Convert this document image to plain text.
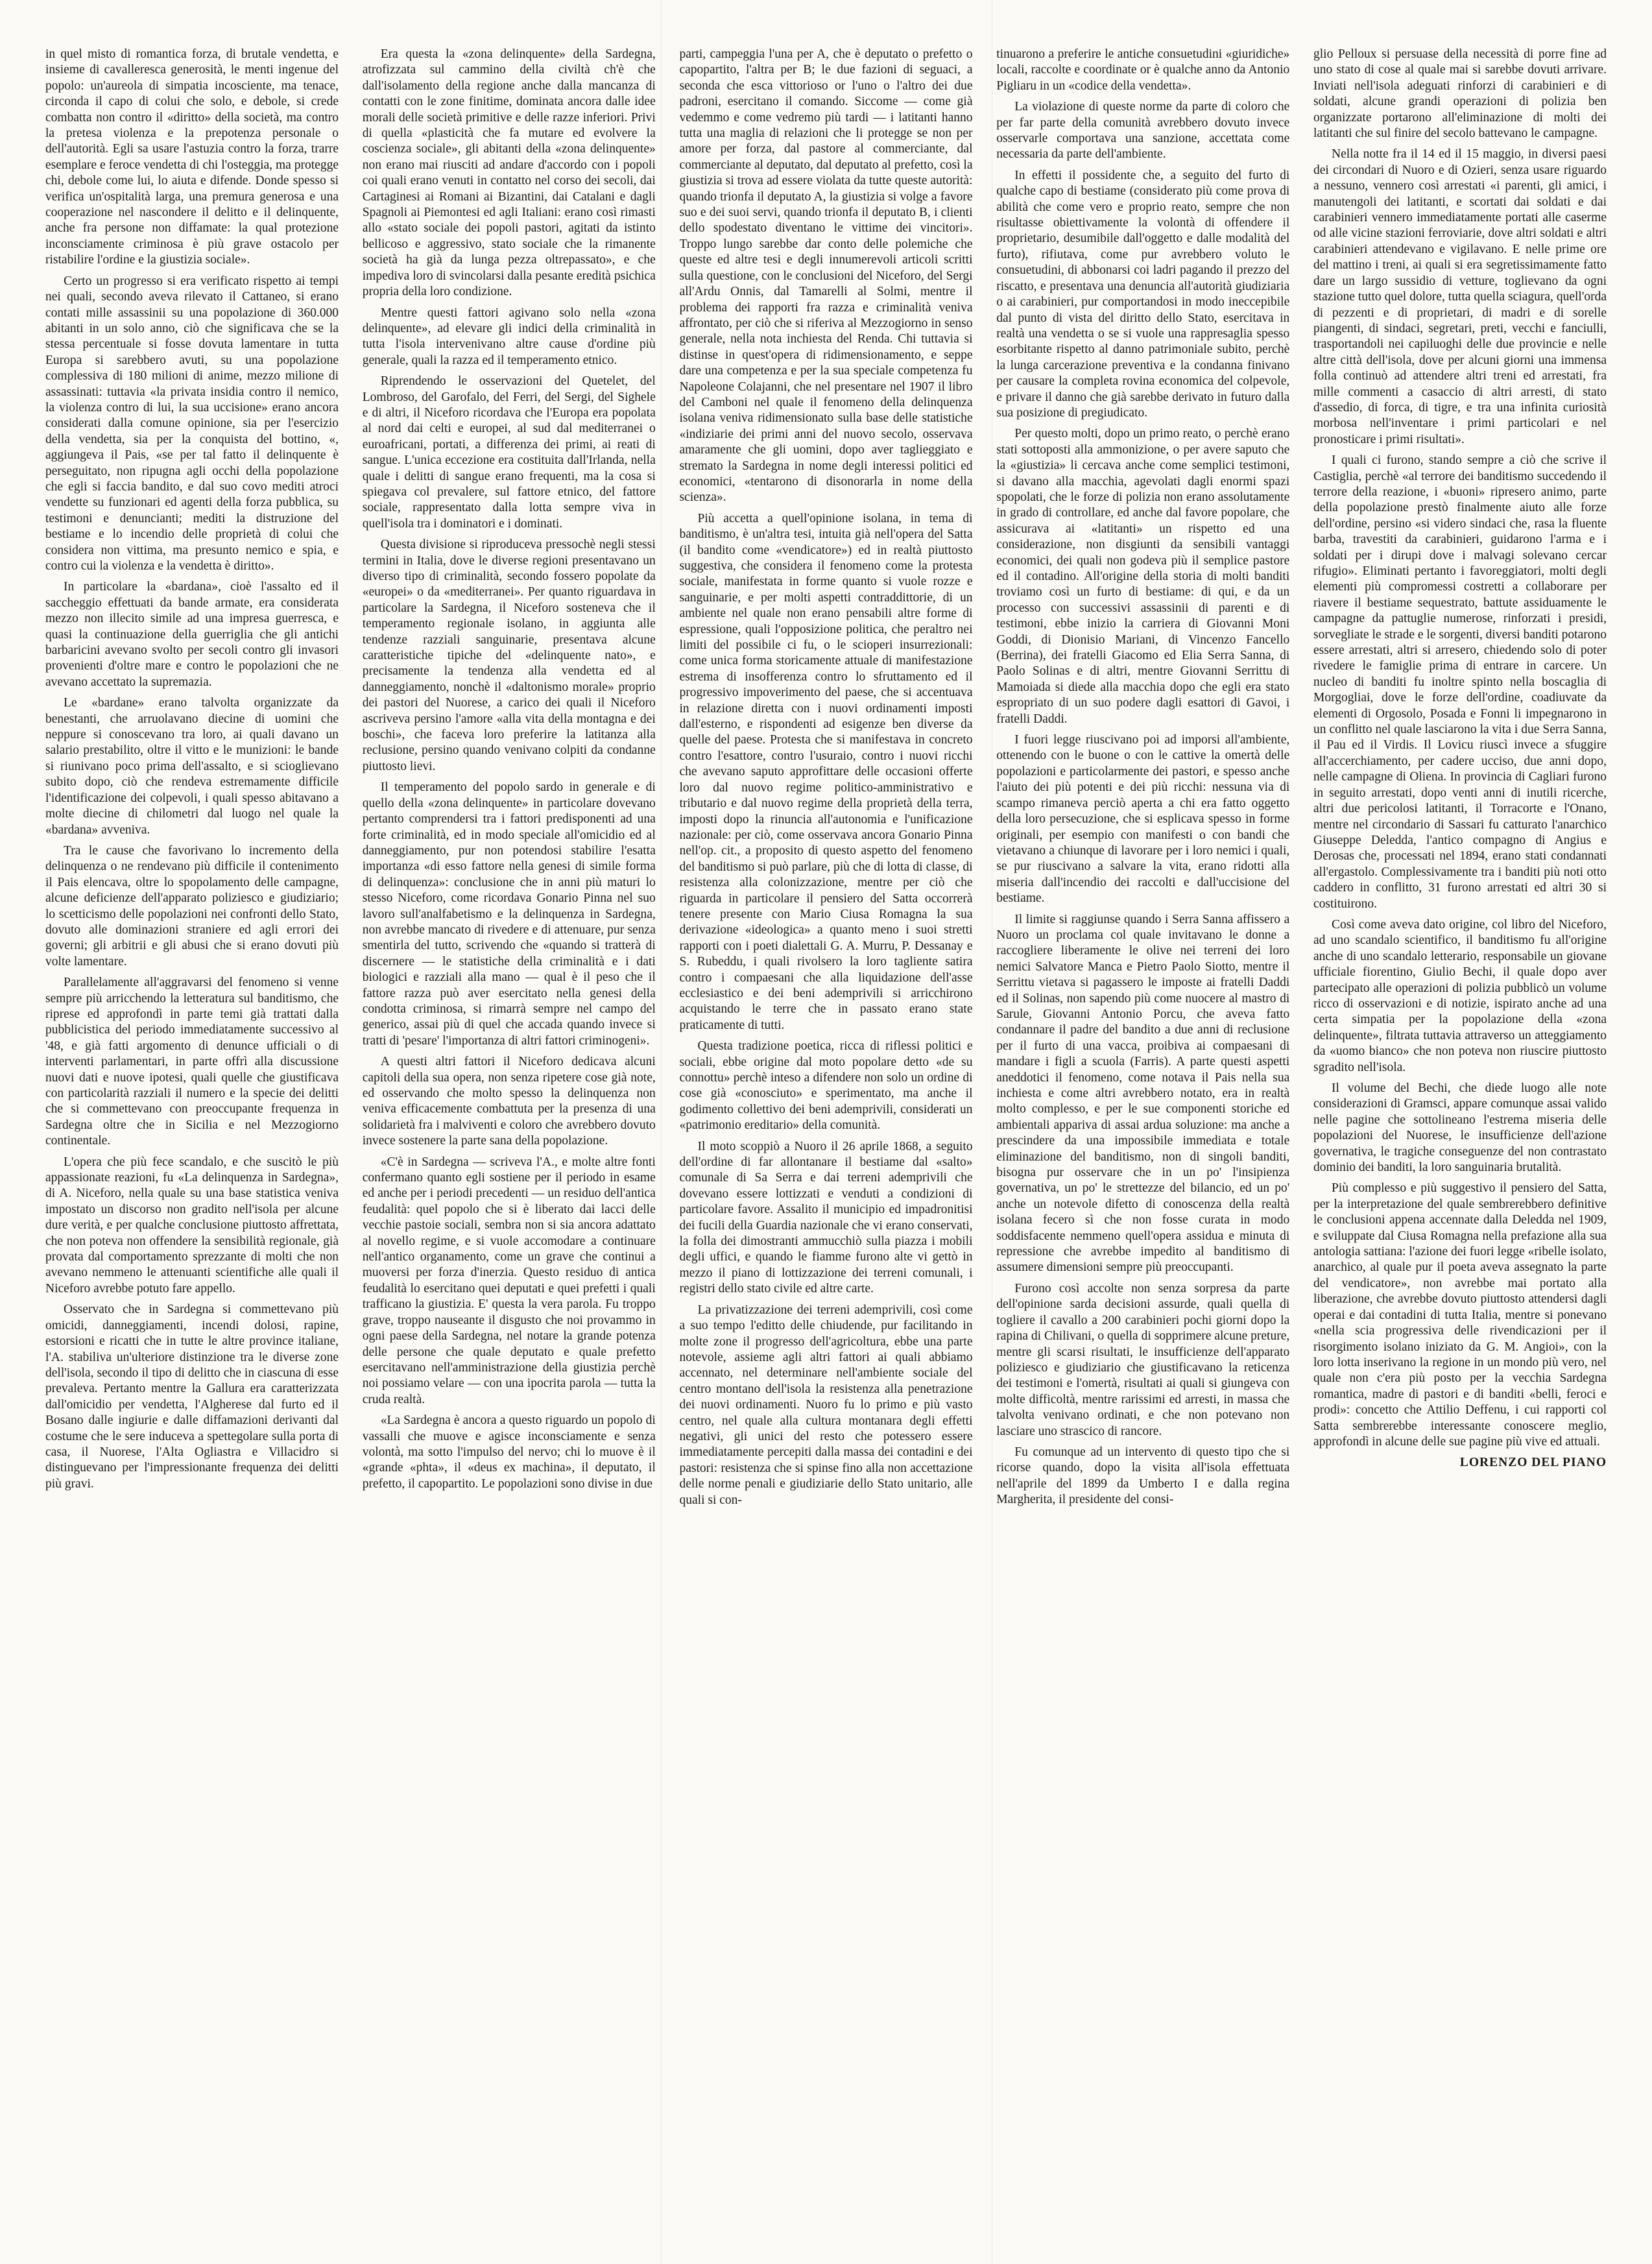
in quel misto di romantica forza, di brutale vendetta, e insieme di cavalleresca generosità, le menti ingenue del popolo: un'aureola di simpatia incosciente, ma tenace, circonda il capo di colui che solo, e debole, si crede combatta non contro il «diritto» della società, ma contro la pretesa violenza e la prepotenza personale o dell'autorità. Egli sa usare l'astuzia contro la forza, trarre esemplare e feroce vendetta di chi l'osteggia, ma protegge chi, debole come lui, lo aiuta e difende. Donde spesso si verifica un'ospitalità larga, una premura generosa e una cooperazione nel nascondere il delitto e il delinquente, anche fra persone non diffamate: la qual protezione inconsciamente criminosa è più grave ostacolo per ristabilire l'ordine e la giustizia sociale».

Certo un progresso si era verificato rispetto ai tempi nei quali, secondo aveva rilevato il Cattaneo, si erano contati mille assassinii su una popolazione di 360.000 abitanti in un solo anno, ciò che significava che se la stessa percentuale si fosse dovuta lamentare in tutta Europa si sarebbero avuti, su una popolazione complessiva di 180 milioni di anime, mezzo milione di assassinati: tuttavia «la privata insidia contro il nemico, la violenza contro di lui, la sua uccisione» erano ancora considerati dalla comune opinione, sia per l'esercizio della vendetta, sia per la conquista del bottino, «, aggiungeva il Pais, «se per tal fatto il delinquente è perseguitato, non ripugna agli occhi della popolazione che egli si faccia bandito, e dal suo covo mediti atroci vendette su funzionari ed agenti della forza pubblica, su testimoni e denuncianti; mediti la distruzione del bestiame e lo incendio delle proprietà di colui che considera non vittima, ma presunto nemico e spia, e contro cui la violenza e la vendetta è diritto».

In particolare la «bardana», cioè l'assalto ed il saccheggio effettuati da bande armate, era considerata mezzo non illecito simile ad una impresa guerresca, e quasi la continuazione della guerriglia che gli antichi barbaricini avevano svolto per secoli contro gli invasori provenienti d'oltre mare e contro le popolazioni che ne avevano accettato la supremazia.

Le «bardane» erano talvolta organizzate da benestanti, che arruolavano diecine di uomini che neppure si conoscevano tra loro, ai quali davano un salario prestabilito, oltre il vitto e le munizioni: le bande si riunivano poco prima dell'assalto, e si scioglievano subito dopo, ciò che rendeva estremamente difficile l'identificazione dei colpevoli, i quali spesso abitavano a molte diecine di chilometri dal luogo nel quale la «bardana» avveniva.

Tra le cause che favorivano lo incremento della delinquenza o ne rendevano più difficile il contenimento il Pais elencava, oltre lo spopolamento delle campagne, alcune deficienze dell'apparato poliziesco e giudiziario; lo scetticismo delle popolazioni nei confronti dello Stato, dovuto alle dominazioni straniere ed agli errori dei governi; gli arbitrii e gli abusi che si erano dovuti più volte lamentare.

Parallelamente all'aggravarsi del fenomeno si venne sempre più arricchendo la letteratura sul banditismo, che riprese ed approfondì in parte temi già trattati dalla pubblicistica del periodo immediatamente successivo al '48, e già fatti argomento di denunce ufficiali o di interventi parlamentari, in parte offrì alla discussione nuovi dati e nuove ipotesi, quali quelle che giustificava con particolarità razziali il numero e la specie dei delitti che si commettevano con preoccupante frequenza in Sardegna oltre che in Sicilia e nel Mezzogiorno continentale.

L'opera che più fece scandalo, e che suscitò le più appassionate reazioni, fu «La delinquenza in Sardegna», di A. Niceforo, nella quale su una base statistica veniva impostato un discorso non gradito nell'isola per alcune dure verità, e per qualche conclusione piuttosto affrettata, che non poteva non offendere la sensibilità regionale, già provata dal comportamento sprezzante di molti che non avevano nemmeno le attenuanti scientifiche alle quali il Niceforo avrebbe potuto fare appello.

Osservato che in Sardegna si commettevano più omicidi, danneggiamenti, incendi dolosi, rapine, estorsioni e ricatti che in tutte le altre province italiane, l'A. stabiliva un'ulteriore distinzione tra le diverse zone dell'isola, secondo il tipo di delitto che in ciascuna di esse prevaleva. Pertanto mentre la Gallura era caratterizzata dall'omicidio per vendetta, l'Algherese dal furto ed il Bosano dalle ingiurie e dalle diffamazioni derivanti dal costume che le sere induceva a spettegolare sulla porta di casa, il Nuorese, l'Alta Ogliastra e Villacidro si distinguevano per l'impressionante frequenza dei delitti più gravi.

Era questa la «zona delinquente» della Sardegna, atrofizzata sul cammino della civiltà ch'è che dall'isolamento della regione anche dalla mancanza di contatti con le zone finitime, dominata ancora dalle idee morali delle società primitive e delle razze inferiori. Privi di quella «plasticità che fa mutare ed evolvere la coscienza sociale», gli abitanti della «zona delinquente» non erano mai riusciti ad andare d'accordo con i popoli coi quali erano venuti in contatto nel corso dei secoli, dai Cartaginesi ai Romani ai Bizantini, dai Catalani e dagli Spagnoli ai Piemontesi ed agli Italiani: erano così rimasti allo «stato sociale dei popoli pastori, agitati da istinto bellicoso e aggressivo, stato sociale che la rimanente società ha già da lunga pezza oltrepassato», e che impediva loro di svincolarsi dalla pesante eredità psichica propria della loro condizione.

Mentre questi fattori agivano solo nella «zona delinquente», ad elevare gli indici della criminalità in tutta l'isola intervenivano altre cause d'ordine più generale, quali la razza ed il temperamento etnico.

Riprendendo le osservazioni del Quetelet, del Lombroso, del Garofalo, del Ferri, del Sergi, del Sighele e di altri, il Niceforo ricordava che l'Europa era popolata al nord dai celti e europei, al sud dal mediterranei o euroafricani, portati, a differenza dei primi, ai reati di sangue. L'unica eccezione era costituita dall'Irlanda, nella quale i delitti di sangue erano frequenti, ma la cosa si spiegava col prevalere, sul fattore etnico, del fattore sociale, rappresentato dalla lotta sempre viva in quell'isola tra i dominatori e i dominati.

Questa divisione si riproduceva pressochè negli stessi termini in Italia, dove le diverse regioni presentavano un diverso tipo di criminalità, secondo fossero popolate da «europei» o da «mediterranei». Per quanto riguardava in particolare la Sardegna, il Niceforo sosteneva che il temperamento regionale isolano, in aggiunta alle tendenze razziali sanguinarie, presentava alcune caratteristiche tipiche del «delinquente nato», e precisamente la tendenza alla vendetta ed al danneggiamento, nonchè il «daltonismo morale» proprio dei pastori del Nuorese, a carico dei quali il Niceforo ascriveva persino l'amore «alla vita della montagna e dei boschi», che faceva loro preferire la latitanza alla reclusione, persino quando venivano colpiti da condanne piuttosto lievi.

Il temperamento del popolo sardo in generale e di quello della «zona delinquente» in particolare dovevano pertanto comprendersi tra i fattori predisponenti ad una forte criminalità, ed in modo speciale all'omicidio ed al danneggiamento, pur non potendosi stabilire l'esatta importanza «di esso fattore nella genesi di simile forma di delinquenza»: conclusione che in anni più maturi lo stesso Niceforo, come ricordava Gonario Pinna nel suo lavoro sull'analfabetismo e la delinquenza in Sardegna, non avrebbe mancato di rivedere e di attenuare, pur senza smentirla del tutto, scrivendo che «quando si tratterà di discernere — le statistiche della criminalità e i dati biologici e razziali alla mano — qual è il peso che il fattore razza può aver esercitato nella genesi della condotta criminosa, si rimarrà sempre nel campo del generico, assai più di quel che accada quando invece si tratti di 'pesare' l'importanza di altri fattori criminogeni».

A questi altri fattori il Niceforo dedicava alcuni capitoli della sua opera, non senza ripetere cose già note, ed osservando che molto spesso la delinquenza non veniva efficacemente combattuta per la presenza di una solidarietà fra i malviventi e coloro che avrebbero dovuto invece sostenere la parte sana della popolazione.

«C'è in Sardegna — scriveva l'A., e molte altre fonti confermano quanto egli sostiene per il periodo in esame ed anche per i periodi precedenti — un residuo dell'antica feudalità: quel popolo che si è liberato dai lacci delle vecchie pastoie sociali, sembra non si sia ancora adattato al novello regime, e si vuole accomodare a continuare nell'antico organamento, come un grave che continui a muoversi per forza d'inerzia. Questo residuo di antica feudalità lo esercitano quei deputati e quei prefetti i quali trafficano la giustizia. E' questa la vera parola. Fu troppo grave, troppo nauseante il disgusto che noi provammo in ogni paese della Sardegna, nel notare la grande potenza delle persone che quale deputato e quale prefetto esercitavano nell'amministrazione della giustizia perchè noi possiamo velare — con una ipocrita parola — tutta la cruda realtà.

«La Sardegna è ancora a questo riguardo un popolo di vassalli che muove e agisce inconsciamente e senza volontà, ma sotto l'impulso del nervo; chi lo muove è il «grande «phta», il «deus ex machina», il deputato, il prefetto, il capopartito. Le popolazioni sono divise in due

parti, campeggia l'una per A, che è deputato o prefetto o capopartito, l'altra per B; le due fazioni di seguaci, a seconda che esca vittorioso or l'uno o l'altro dei due padroni, esercitano il comando. Siccome — come già vedemmo e come vedremo più tardi — i latitanti hanno tutta una maglia di relazioni che li protegge se non per amore per forza, dal pastore al commerciante, dal commerciante al deputato, dal deputato al prefetto, così la giustizia si trova ad essere violata da tutte queste autorità: quando trionfa il deputato A, la giustizia si volge a favore suo e dei suoi servi, quando trionfa il deputato B, i clienti dello spodestato diventano le vittime dei vincitori». Troppo lungo sarebbe dar conto delle polemiche che queste ed altre tesi e degli innumerevoli articoli scritti sulla questione, con le conclusioni del Niceforo, del Sergi all'Ardu Onnis, dal Tamarelli al Solmi, mentre il problema dei rapporti fra razza e criminalità veniva affrontato, per ciò che si riferiva al Mezzogiorno in senso generale, nella nota inchiesta del Renda. Chi tuttavia si distinse in quest'opera di ridimensionamento, e seppe dare una competenza e per la sua speciale competenza fu Napoleone Colajanni, che nel presentare nel 1907 il libro del Camboni nel quale il fenomeno della delinquenza isolana veniva ridimensionato sulla base delle statistiche «indiziarie dei primi anni del nuovo secolo, osservava amaramente che gli uomini, dopo aver taglieggiato e stremato la Sardegna in nome degli interessi politici ed economici, «tentarono di disonorarla in nome della scienza».

Più accetta a quell'opinione isolana, in tema di banditismo, è un'altra tesi, intuita già nell'opera del Satta (il bandito come «vendicatore») ed in realtà piuttosto suggestiva, che considera il fenomeno come la protesta sociale, manifestata in forme quanto si vuole rozze e sanguinarie, e per molti aspetti contraddittorie, di un ambiente nel quale non erano pensabili altre forme di espressione, quali l'opposizione politica, che peraltro nei limiti del possibile ci fu, o le scioperi insurrezionali: come unica forma storicamente attuale di manifestazione estrema di insofferenza contro lo sfruttamento ed il progressivo impoverimento del paese, che si accentuava in relazione diretta con i nuovi ordinamenti imposti dall'esterno, e rispondenti ad esigenze ben diverse da quelle del paese. Protesta che si manifestava in concreto contro l'esattore, contro l'usuraio, contro i nuovi ricchi che avevano saputo approfittare delle occasioni offerte loro dal nuovo regime politico-amministrativo e tributario e dal nuovo regime della proprietà della terra, imposti dopo la rinuncia all'autonomia e l'unificazione nazionale: per ciò, come osservava ancora Gonario Pinna nell'op. cit., a proposito di questo aspetto del fenomeno del banditismo si può parlare, più che di lotta di classe, di resistenza alla colonizzazione, mentre per ciò che riguarda in particolare il pensiero del Satta occorrerà tenere presente con Mario Ciusa Romagna la sua derivazione «ideologica» a quanto meno i suoi stretti rapporti con i poeti dialettali G. A. Murru, P. Dessanay e S. Rubeddu, i quali rivolsero la loro tagliente satira contro i compaesani che alla liquidazione dell'asse ecclesiastico e dei beni ademprivili si arricchirono acquistando le terre che in passato erano state praticamente di tutti.

Questa tradizione poetica, ricca di riflessi politici e sociali, ebbe origine dal moto popolare detto «de su connottu» perchè inteso a difendere non solo un ordine di cose già «conosciuto» e sperimentato, ma anche il godimento collettivo dei beni ademprivili, considerati un «patrimonio ereditario» della comunità.

Il moto scoppiò a Nuoro il 26 aprile 1868, a seguito dell'ordine di far allontanare il bestiame dal «salto» comunale di Sa Serra e dai terreni ademprivili che dovevano essere lottizzati e venduti a condizioni di particolare favore. Assalito il municipio ed impadronitisi dei fucili della Guardia nazionale che vi erano conservati, la folla dei dimostranti ammucchiò sulla piazza i mobili degli uffici, e quando le fiamme furono alte vi gettò in mezzo il piano di lottizzazione dei terreni comunali, i registri dello stato civile ed altre carte.

La privatizzazione dei terreni ademprivili, così come a suo tempo l'editto delle chiudende, pur facilitando in molte zone il progresso dell'agricoltura, ebbe una parte notevole, assieme agli altri fattori ai quali abbiamo accennato, nel determinare nell'ambiente sociale del centro montano dell'isola la resistenza alla penetrazione dei nuovi ordinamenti. Nuoro fu lo primo e più vasto centro, nel quale alla cultura montanara degli effetti negativi, gli unici del resto che potessero essere immediatamente percepiti dalla massa dei contadini e dei pastori: resistenza che si spinse fino alla non accettazione delle norme penali e giudiziarie dello Stato unitario, alle quali si con-

tinuarono a preferire le antiche consuetudini «giuridiche» locali, raccolte e coordinate or è qualche anno da Antonio Pigliaru in un «codice della vendetta».

La violazione di queste norme da parte di coloro che per far parte della comunità avrebbero dovuto invece osservarle comportava una sanzione, accettata come necessaria da parte dell'ambiente.

In effetti il possidente che, a seguito del furto di qualche capo di bestiame (considerato più come prova di abilità che come vero e proprio reato, sempre che non risultasse obiettivamente la volontà di offendere il proprietario, desumibile dall'oggetto e dalle modalità del furto), rifiutava, come pur avrebbero voluto le consuetudini, di abbonarsi coi ladri pagando il prezzo del riscatto, e presentava una denuncia all'autorità giudiziaria o ai carabinieri, pur comportandosi in modo ineccepibile dal punto di vista del diritto dello Stato, esercitava in realtà una vendetta o se si vuole una rappresaglia spesso esorbitante rispetto al danno patrimoniale subito, perchè la lunga carcerazione preventiva e la condanna finivano per causare la completa rovina economica del colpevole, e privare il danno che già sarebbe derivato in futuro dalla sua posizione di pregiudicato.

Per questo molti, dopo un primo reato, o perchè erano stati sottoposti alla ammonizione, o per avere saputo che la «giustizia» li cercava anche come semplici testimoni, si davano alla macchia, agevolati dagli enormi spazi spopolati, che le forze di polizia non erano assolutamente in grado di controllare, ed anche dal favore popolare, che assicurava ai «latitanti» un rispetto ed una considerazione, non disgiunti da sensibili vantaggi economici, dei quali non godeva più il semplice pastore ed il contadino. All'origine della storia di molti banditi troviamo così un furto di bestiame: di qui, e da un processo con successivi assassinii di parenti e di testimoni, ebbe inizio la carriera di Giovanni Moni Goddi, di Dionisio Mariani, di Vincenzo Fancello (Berrina), dei fratelli Giacomo ed Elia Serra Sanna, di Paolo Solinas e di altri, mentre Giovanni Serrittu di Mamoiada si diede alla macchia dopo che egli era stato espropriato di un suo podere dagli esattori di Gavoi, i fratelli Daddi.

I fuori legge riuscivano poi ad imporsi all'ambiente, ottenendo con le buone o con le cattive la omertà delle popolazioni e particolarmente dei pastori, e spesso anche l'aiuto dei più potenti e dei più ricchi: nessuna via di scampo rimaneva perciò aperta a chi era fatto oggetto della loro persecuzione, che si esplicava spesso in forme originali, per esempio con manifesti o con bandi che vietavano a chiunque di lavorare per i loro nemici i quali, se pur riuscivano a salvare la vita, erano ridotti alla miseria dall'incendio dei raccolti e dall'uccisione del bestiame.

Il limite si raggiunse quando i Serra Sanna affissero a Nuoro un proclama col quale invitavano le donne a raccogliere liberamente le olive nei terreni dei loro nemici Salvatore Manca e Pietro Paolo Siotto, mentre il Serrittu vietava si pagassero le imposte ai fratelli Daddi ed il Solinas, non sapendo più come nuocere al mastro di Sarule, Giovanni Antonio Porcu, che aveva fatto condannare il padre del bandito a due anni di reclusione per il furto di una vacca, proibiva ai compaesani di mandare i figli a scuola (Farris). A parte questi aspetti aneddotici il fenomeno, come notava il Pais nella sua inchiesta e come altri avrebbero notato, era in realtà molto complesso, e per le sue componenti storiche ed ambientali appariva di assai ardua soluzione: ma anche a prescindere da una impossibile immediata e totale eliminazione del banditismo, non di singoli banditi, bisogna pur osservare che in un po' l'insipienza governativa, un po' le strettezze del bilancio, ed un po' anche un notevole difetto di conoscenza della realtà isolana fecero sì che non fosse curata in modo soddisfacente nemmeno quell'opera assidua e minuta di repressione che avrebbe impedito al banditismo di assumere dimensioni sempre più preoccupanti.

Furono così accolte non senza sorpresa da parte dell'opinione sarda decisioni assurde, quali quella di togliere il cavallo a 200 carabinieri pochi giorni dopo la rapina di Chilivani, o quella di sopprimere alcune preture, mentre gli scarsi risultati, le insufficienze dell'apparato poliziesco e giudiziario che giustificavano la reticenza dei testimoni e l'omertà, risultati ai quali si giungeva con molte difficoltà, mentre rarissimi ed arresti, in massa che talvolta venivano ordinati, e che non potevano non lasciare uno strascico di rancore.

Fu comunque ad un intervento di questo tipo che si ricorse quando, dopo la visita all'isola effettuata nell'aprile del 1899 da Umberto I e dalla regina Margherita, il presidente del consi-

glio Pelloux si persuase della necessità di porre fine ad uno stato di cose al quale mai si sarebbe dovuti arrivare. Inviati nell'isola adeguati rinforzi di carabinieri e di soldati, alcune grandi operazioni di polizia ben organizzate portarono all'eliminazione di molti dei latitanti che sul finire del secolo battevano le campagne.

Nella notte fra il 14 ed il 15 maggio, in diversi paesi dei circondari di Nuoro e di Ozieri, senza usare riguardo a nessuno, vennero così arrestati «i parenti, gli amici, i manutengoli dei latitanti, e scortati dai soldati e dai carabinieri vennero immediatamente portati alle caserme od alle vicine stazioni ferroviarie, dove altri soldati e altri carabinieri attendevano e vigilavano. E nelle prime ore del mattino i treni, ai quali si era segretissimamente fatto dare un largo sussidio di vetture, toglievano da ogni stazione tutto quel dolore, tutta quella sciagura, quell'orda di pezzenti e di proprietari, di madri e di sorelle piangenti, di sindaci, segretari, preti, vecchi e fanciulli, trasportandoli nei capiluoghi delle due provincie e nelle altre città dell'isola, dove per alcuni giorni una immensa folla continuò ad attendere altri treni ed arrestati, fra mille commenti a casaccio di altri arresti, di stato d'assedio, di forca, di tigre, e tra una infinita curiosità morbosa nell'inventare i primi particolari e nel pronosticare i primi risultati».

I quali ci furono, stando sempre a ciò che scrive il Castiglia, perchè «al terrore dei banditismo succedendo il terrore della reazione, i «buoni» ripresero animo, parte della popolazione prestò finalmente aiuto alle forze dell'ordine, persino «si videro sindaci che, rasa la fluente barba, travestiti da carabinieri, guidarono l'arma e i soldati per i dirupi dove i malvagi solevano cercar rifugio». Eliminati pertanto i favoreggiatori, molti degli elementi più compromessi costretti a collaborare per riavere il bestiame sequestrato, battute assiduamente le campagne da pattuglie numerose, rinforzati i presidi, sorvegliate le strade e le sorgenti, diversi banditi potarono essere arrestati, altri si arresero, chiedendo solo di poter rivedere le famiglie prima di entrare in carcere. Un nucleo di banditi fu inoltre spinto nella boscaglia di Morgogliai, dove le forze dell'ordine, coadiuvate da elementi di Orgosolo, Posada e Fonni li impegnarono in un conflitto nel quale lasciarono la vita i due Serra Sanna, il Pau ed il Virdis. Il Lovicu riuscì invece a sfuggire all'accerchiamento, per cadere ucciso, due anni dopo, nelle campagne di Oliena. In provincia di Cagliari furono in seguito arrestati, dopo venti anni di inutili ricerche, altri due pericolosi latitanti, il Torracorte e l'Onano, mentre nel circondario di Sassari fu catturato l'anarchico Giuseppe Deledda, l'antico compagno di Angius e Derosas che, processati nel 1894, erano stati condannati all'ergastolo. Complessivamente tra i banditi più noti otto caddero in conflitto, 31 furono arrestati ed altri 30 si costituirono.

Così come aveva dato origine, col libro del Niceforo, ad uno scandalo scientifico, il banditismo fu all'origine anche di uno scandalo letterario, responsabile un giovane ufficiale fiorentino, Giulio Bechi, il quale dopo aver partecipato alle operazioni di polizia pubblicò un volume ricco di osservazioni e di notizie, ispirato anche ad una certa simpatia per la popolazione della «zona delinquente», filtrata tuttavia attraverso un atteggiamento da «uomo bianco» che non poteva non riuscire piuttosto sgradito nell'isola.

Il volume del Bechi, che diede luogo alle note considerazioni di Gramsci, appare comunque assai valido nelle pagine che sottolineano l'estrema miseria delle popolazioni del Nuorese, le insufficienze dell'azione governativa, le tragiche conseguenze del non contrastato dominio dei banditi, la loro sanguinaria brutalità.

Più complesso e più suggestivo il pensiero del Satta, per la interpretazione del quale sembrerebbero definitive le conclusioni appena accennate dalla Deledda nel 1909, e sviluppate dal Ciusa Romagna nella prefazione alla sua antologia sattiana: l'azione dei fuori legge «ribelle isolato, anarchico, al quale pur il poeta aveva assegnato la parte del vendicatore», non avrebbe mai portato alla liberazione, che avrebbe dovuto piuttosto attendersi dagli operai e dai contadini di tutta Italia, mentre si ponevano «nella scia progressiva delle rivendicazioni per il risorgimento isolano iniziato da G. M. Angioi», con la loro lotta inserivano la regione in un mondo più vero, nel quale non c'era più posto per la vecchia Sardegna romantica, madre di pastori e di banditi «belli, feroci e prodi»: concetto che Attilio Deffenu, i cui rapporti col Satta sembrerebbe interessante conoscere meglio, approfondì in alcune delle sue pagine più vive ed attuali.

LORENZO DEL PIANO
